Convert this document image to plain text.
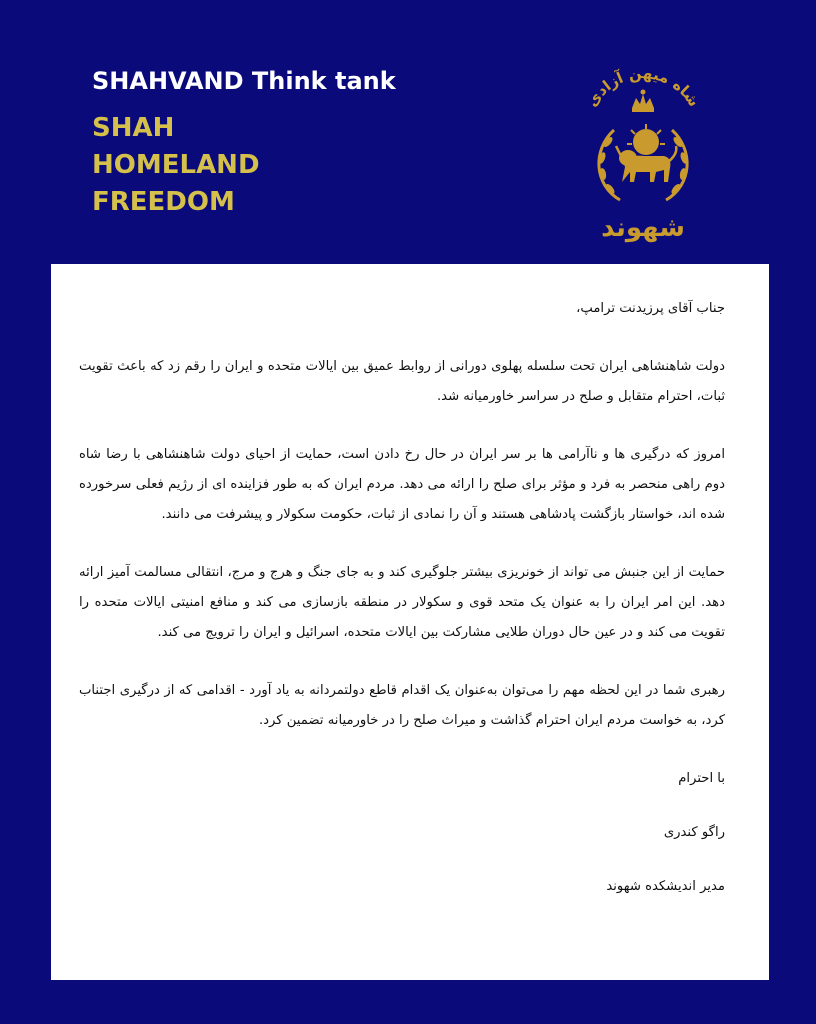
SHAHVAND Think tank

SHAH

HOMELAND

FREEDOM

شاه میهن آزادی
شهوند

جناب آقای پرزیدنت ترامپ،

دولت شاهنشاهی ایران تحت سلسله پهلوی دورانی از روابط عمیق بین ایالات متحده و ایران را رقم زد که باعث تقویت ثبات، احترام متقابل و صلح در سراسر خاورمیانه شد.

امروز که درگیری ها و ناآرامی ها بر سر ایران در حال رخ دادن است، حمایت از احیای دولت شاهنشاهی با رضا شاه دوم راهی منحصر به فرد و مؤثر برای صلح را ارائه می دهد. مردم ایران که به طور فزاینده ای از رژیم فعلی سرخورده شده اند، خواستار بازگشت پادشاهی هستند و آن را نمادی از ثبات، حکومت سکولار و پیشرفت می دانند.

حمایت از این جنبش می تواند از خونریزی بیشتر جلوگیری کند و به جای جنگ و هرج و مرج، انتقالی مسالمت آمیز ارائه دهد. این امر ایران را به عنوان یک متحد قوی و سکولار در منطقه بازسازی می کند و منافع امنیتی ایالات متحده را تقویت می کند و در عین حال دوران طلایی مشارکت بین ایالات متحده، اسرائیل و ایران را ترویج می کند.

رهبری شما در این لحظه مهم را می‌توان به‌عنوان یک اقدام قاطع دولتمردانه به یاد آورد - اقدامی که از درگیری اجتناب کرد، به خواست مردم ایران احترام گذاشت و میراث صلح را در خاورمیانه تضمین کرد.

با احترام

راگو کندری

مدیر اندیشکده شهوند
